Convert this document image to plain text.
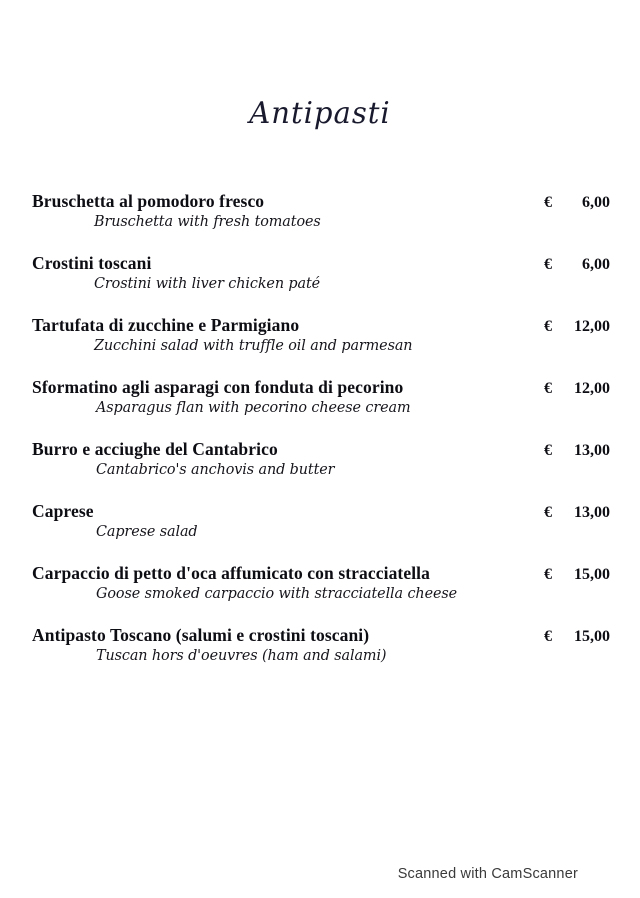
Antipasti
Bruschetta al pomodoro fresco	€	6,00
Bruschetta with fresh tomatoes
Crostini toscani	€	6,00
Crostini with liver chicken paté
Tartufata di zucchine e Parmigiano	€	12,00
Zucchini salad with truffle oil and parmesan
Sformatino agli asparagi con fonduta di pecorino	€	12,00
Asparagus flan with pecorino cheese cream
Burro e acciughe del Cantabrico	€	13,00
Cantabrico's anchovis and butter
Caprese	€	13,00
Caprese salad
Carpaccio di petto d'oca affumicato con stracciatella	€	15,00
Goose smoked carpaccio with stracciatella cheese
Antipasto Toscano (salumi e crostini toscani)	€	15,00
Tuscan hors d'oeuvres (ham and salami)
Scanned with CamScanner
